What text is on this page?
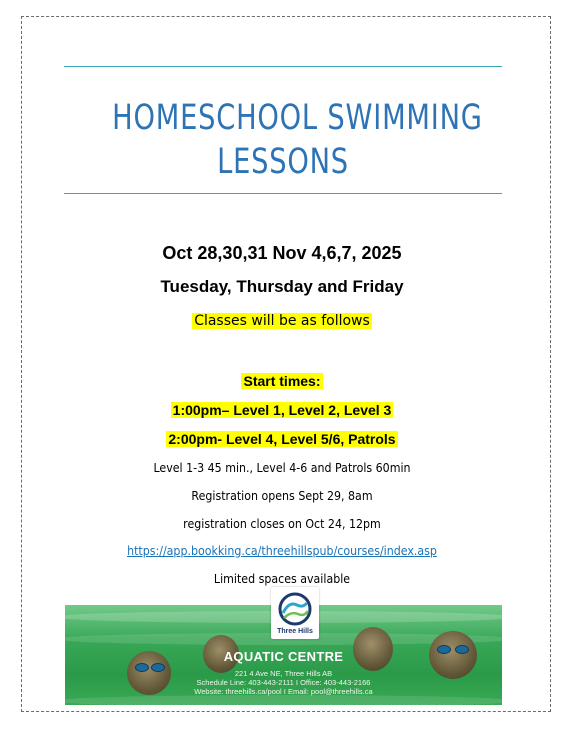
HOMESCHOOL SWIMMING
LESSONS
Oct 28,30,31 Nov 4,6,7, 2025
Tuesday, Thursday and Friday
Classes will be as follows
Start times:
1:00pm– Level 1, Level 2, Level 3
2:00pm- Level 4, Level 5/6, Patrols
Level 1-3 45 min., Level 4-6 and Patrols 60min
Registration opens Sept 29, 8am
registration closes on Oct 24, 12pm
https://app.bookking.ca/threehillspub/courses/index.asp
Limited spaces available
Three Hills
AQUATIC CENTRE
221 4 Ave NE, Three Hills AB
Schedule Line: 403-443-2111 I Office: 403-443-2166
Website: threehills.ca/pool I Email: pool@threehills.ca
